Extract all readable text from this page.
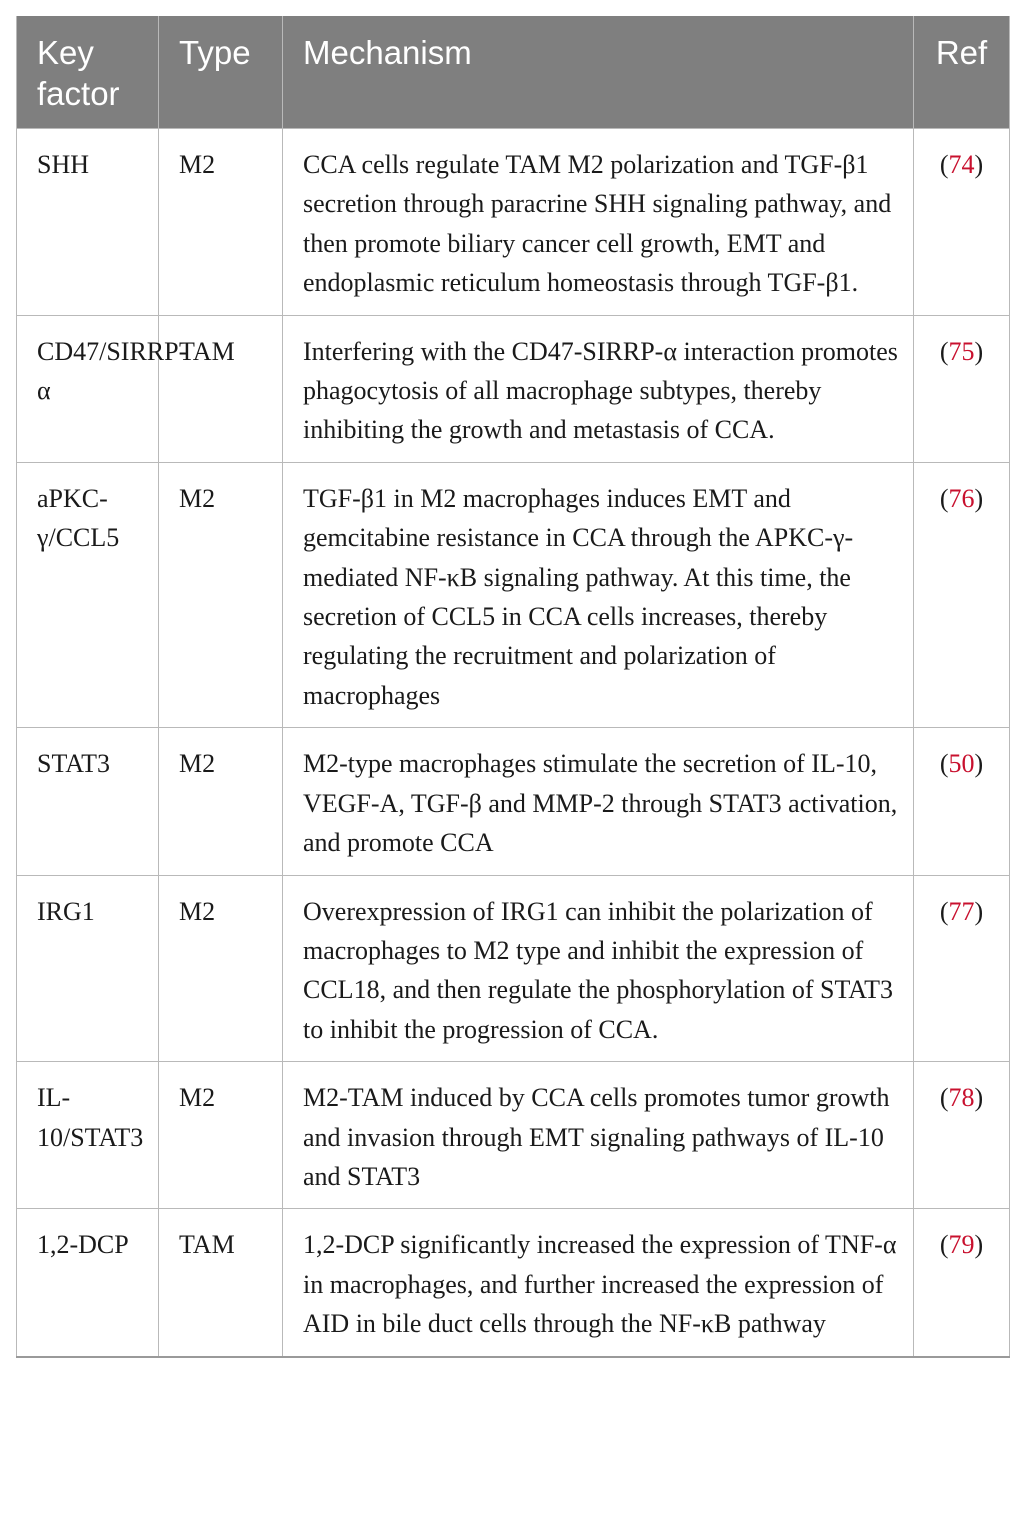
Key factor	Type	Mechanism	Ref
SHH	M2	CCA cells regulate TAM M2 polarization and TGF-β1 secretion through paracrine SHH signaling pathway, and then promote biliary cancer cell growth, EMT and endoplasmic reticulum homeostasis through TGF-β1.	(74)
CD47/SIRRP-α	TAM	Interfering with the CD47-SIRRP-α interaction promotes phagocytosis of all macrophage subtypes, thereby inhibiting the growth and metastasis of CCA.	(75)
aPKC-γ/CCL5	M2	TGF-β1 in M2 macrophages induces EMT and gemcitabine resistance in CCA through the APKC-γ-mediated NF-κB signaling pathway. At this time, the secretion of CCL5 in CCA cells increases, thereby regulating the recruitment and polarization of macrophages	(76)
STAT3	M2	M2-type macrophages stimulate the secretion of IL-10, VEGF-A, TGF-β and MMP-2 through STAT3 activation, and promote CCA	(50)
IRG1	M2	Overexpression of IRG1 can inhibit the polarization of macrophages to M2 type and inhibit the expression of CCL18, and then regulate the phosphorylation of STAT3 to inhibit the progression of CCA.	(77)
IL-10/STAT3	M2	M2-TAM induced by CCA cells promotes tumor growth and invasion through EMT signaling pathways of IL-10 and STAT3	(78)
1,2-DCP	TAM	1,2-DCP significantly increased the expression of TNF-α in macrophages, and further increased the expression of AID in bile duct cells through the NF-κB pathway	(79)
